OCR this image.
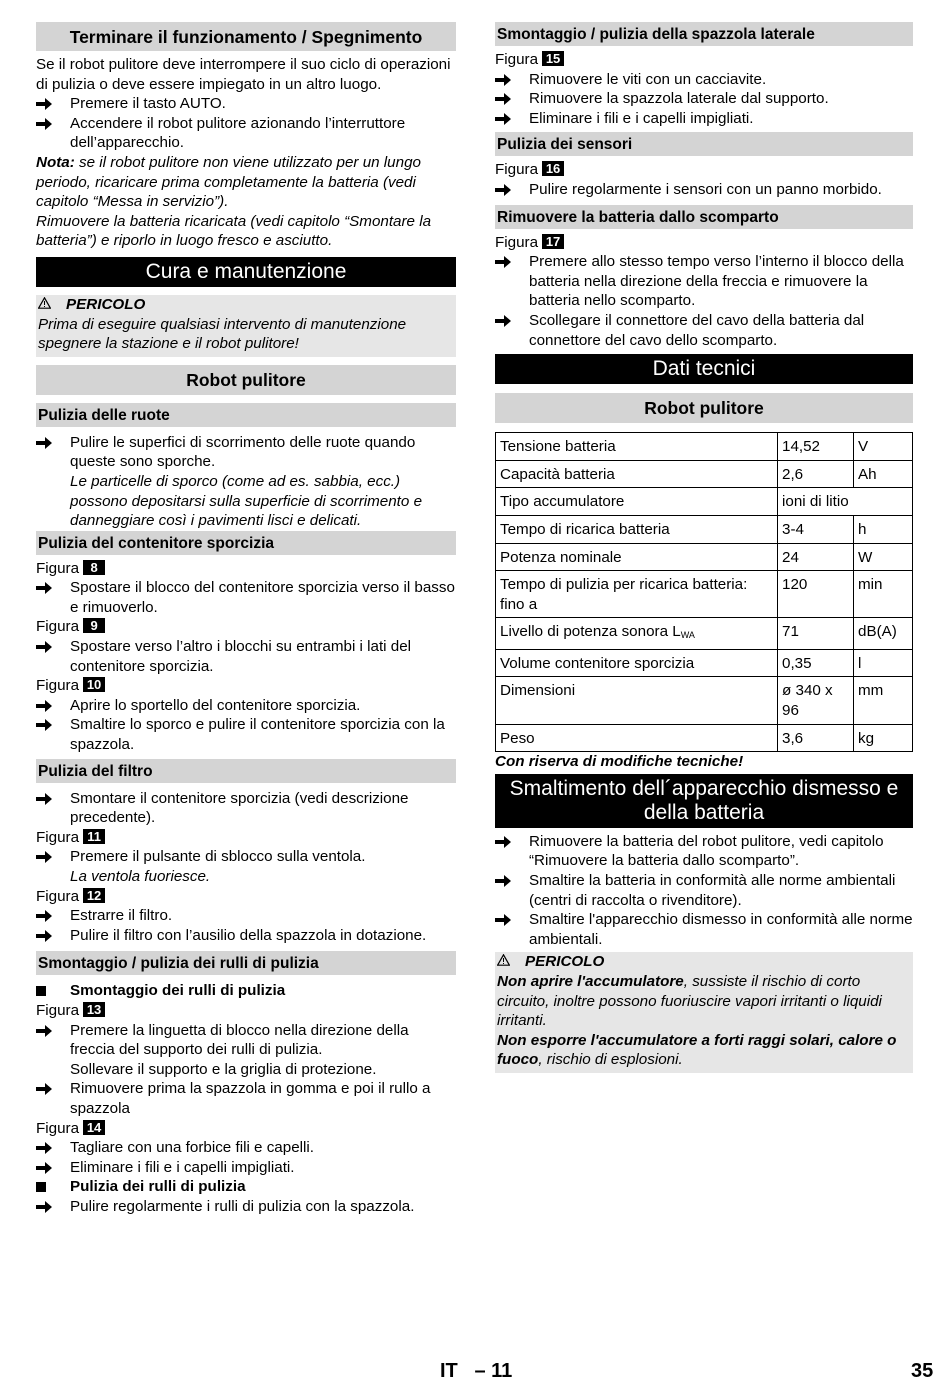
Terminare il funzionamento / Spegnimento

Se il robot pulitore deve interrompere il suo ciclo di operazioni di pulizia o deve essere impiegato in un altro luogo.

Premere il tasto AUTO.
Accendere il robot pulitore azionando l’interruttore dell’apparecchio.

Nota: se il robot pulitore non viene utilizzato per un lungo periodo, ricaricare prima completamente la batteria (vedi capitolo “Messa in servizio”).

Rimuovere la batteria ricaricata (vedi capitolo “Smontare la batteria”) e riporlo in luogo fresco e asciutto.

Cura e manutenzione
PERICOLO
Prima di eseguire qualsiasi intervento di manutenzione spegnere la stazione e il robot pulitore!
Robot pulitore
Pulizia delle ruote
Pulire le superfici di scorrimento delle ruote quando queste sono sporche.

Le particelle di sporco (come ad es. sabbia, ecc.) possono depositarsi sulla superficie di scorrimento e danneggiare così i pavimenti lisci e delicati.

Pulizia del contenitore sporcizia

Figura 8

Spostare il blocco del contenitore sporcizia verso il basso e rimuoverlo.

Figura 9

Spostare verso l’altro i blocchi su entrambi i lati del contenitore sporcizia.

Figura 10

Aprire lo sportello del contenitore sporcizia.
Smaltire lo sporco e pulire il contenitore sporcizia con la spazzola.
Pulizia del filtro
Smontare il contenitore sporcizia (vedi descrizione precedente).

Figura 11

Premere il pulsante di sblocco sulla ventola.

La ventola fuoriesce.

Figura 12

Estrarre il filtro.
Pulire il filtro con l’ausilio della spazzola in dotazione.
Smontaggio / pulizia dei rulli di pulizia
Smontaggio dei rulli di pulizia

Figura 13

Premere la linguetta di blocco nella direzione della freccia del supporto dei rulli di pulizia.

Sollevare il supporto e la griglia di protezione.

Rimuovere prima la spazzola in gomma e poi il rullo a spazzola

Figura 14

Tagliare con una forbice fili e capelli.
Eliminare i fili e i capelli impigliati.
Pulizia dei rulli di pulizia
Pulire regolarmente i rulli di pulizia con la spazzola.
Smontaggio / pulizia della spazzola laterale

Figura 15

Rimuovere le viti con un cacciavite.
Rimuovere la spazzola laterale dal supporto.
Eliminare i fili e i capelli impigliati.
Pulizia dei sensori

Figura 16

Pulire regolarmente i sensori con un panno morbido.
Rimuovere la batteria dallo scomparto

Figura 17

Premere allo stesso tempo verso l’interno il blocco della batteria nella direzione della freccia e rimuovere la batteria nello scomparto.
Scollegare il connettore del cavo della batteria dal connettore del cavo dello scomparto.
Dati tecnici
Robot pulitore
Tensione batteria	14,52	V
Capacità batteria	2,6	Ah
Tipo accumulatore	ioni di litio	
Tempo di ricarica batteria	3-4	h
Potenza nominale	24	W
Tempo di pulizia per ricarica batteria: fino a	120	min
Livello di potenza sonora $L_{WA}$	71	dB(A)
Volume contenitore sporcizia	0,35	l
Dimensioni	ø 340 x 96	mm
Peso	3,6	kg

Con riserva di modifiche tecniche!

Smaltimento dell´apparecchio dismesso e della batteria
Rimuovere la batteria del robot pulitore, vedi capitolo “Rimuovere la batteria dallo scomparto”.
Smaltire la batteria in conformità alle norme ambientali (centri di raccolta o rivenditore).
Smaltire l'apparecchio dismesso in conformità alle norme ambientali.
PERICOLO
Non aprire l'accumulatore, sussiste il rischio di corto circuito, inoltre possono fuoriuscire vapori irritanti o liquidi irritanti.
Non esporre l'accumulatore a forti raggi solari, calore o fuoco, rischio di esplosioni.
IT – 11	35
